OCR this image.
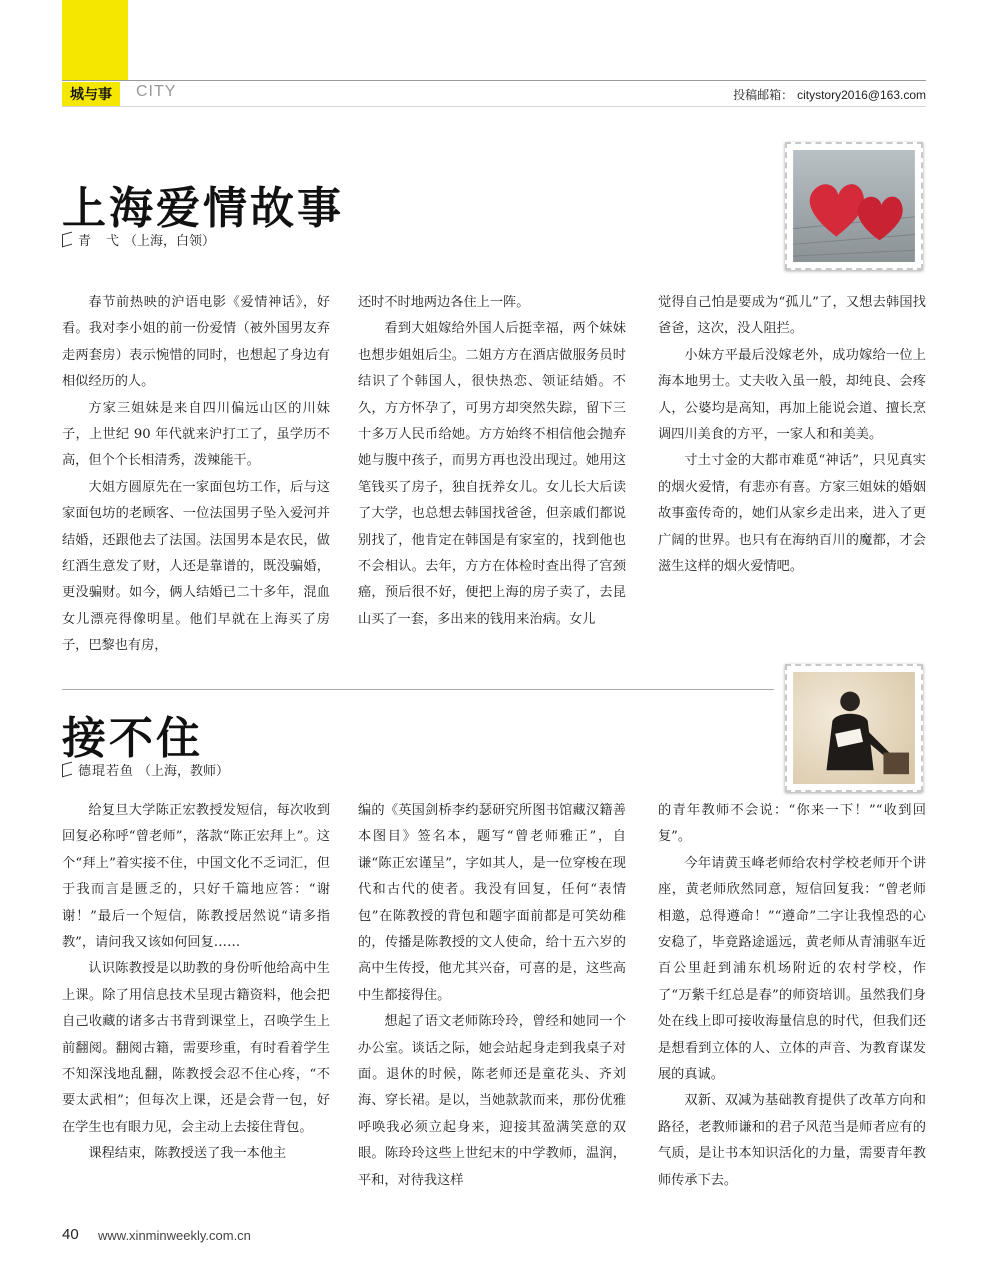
城与事	CITY	投稿邮箱： citystory2016@163.com
上海爱情故事
青　弋 （上海，白领）

春节前热映的沪语电影《爱情神话》，好看。我对李小姐的前一份爱情（被外国男友弃走两套房）表示惋惜的同时，也想起了身边有相似经历的人。

方家三姐妹是来自四川偏远山区的川妹子，上世纪 90 年代就来沪打工了，虽学历不高，但个个长相清秀，泼辣能干。

大姐方圆原先在一家面包坊工作，后与这家面包坊的老顾客、一位法国男子坠入爱河并结婚，还跟他去了法国。法国男本是农民，做红酒生意发了财，人还是靠谱的，既没骗婚，更没骗财。如今，俩人结婚已二十多年，混血女儿漂亮得像明星。他们早就在上海买了房子，巴黎也有房，

还时不时地两边各住上一阵。

看到大姐嫁给外国人后挺幸福，两个妹妹也想步姐姐后尘。二姐方方在酒店做服务员时结识了个韩国人，很快热恋、领证结婚。不久，方方怀孕了，可男方却突然失踪，留下三十多万人民币给她。方方始终不相信他会抛弃她与腹中孩子，而男方再也没出现过。她用这笔钱买了房子，独自抚养女儿。女儿长大后读了大学，也总想去韩国找爸爸，但亲戚们都说别找了，他肯定在韩国是有家室的，找到他也不会相认。去年，方方在体检时查出得了宫颈癌，预后很不好，便把上海的房子卖了，去昆山买了一套，多出来的钱用来治病。女儿

觉得自己怕是要成为“孤儿”了，又想去韩国找爸爸，这次，没人阻拦。

小妹方平最后没嫁老外，成功嫁给一位上海本地男士。丈夫收入虽一般，却纯良、会疼人，公婆均是高知，再加上能说会道、擅长烹调四川美食的方平，一家人和和美美。

寸土寸金的大都市难觅“神话”，只见真实的烟火爱情，有悲亦有喜。方家三姐妹的婚姻故事蛮传奇的，她们从家乡走出来，进入了更广阔的世界。也只有在海纳百川的魔都，才会滋生这样的烟火爱情吧。

接不住
德琨若鱼 （上海，教师）

给复旦大学陈正宏教授发短信，每次收到回复必称呼“曾老师”，落款“陈正宏拜上”。这个“拜上”着实接不住，中国文化不乏词汇，但于我而言是匮乏的，只好千篇地应答：“谢谢！”最后一个短信，陈教授居然说“请多指教”，请问我又该如何回复……

认识陈教授是以助教的身份听他给高中生上课。除了用信息技术呈现古籍资料，他会把自己收藏的诸多古书背到课堂上，召唤学生上前翻阅。翻阅古籍，需要珍重，有时看着学生不知深浅地乱翻，陈教授会忍不住心疼，“不要太武相”；但每次上课，还是会背一包，好在学生也有眼力见，会主动上去接住背包。

课程结束，陈教授送了我一本他主

编的《英国剑桥李约瑟研究所图书馆藏汉籍善本图目》签名本，题写“曾老师雅正”，自谦“陈正宏谨呈”，字如其人，是一位穿梭在现代和古代的使者。我没有回复，任何“表情包”在陈教授的背包和题字面前都是可笑幼稚的，传播是陈教授的文人使命，给十五六岁的高中生传授，他尤其兴奋，可喜的是，这些高中生都接得住。

想起了语文老师陈玲玲，曾经和她同一个办公室。谈话之际，她会站起身走到我桌子对面。退休的时候，陈老师还是童花头、齐刘海、穿长裙。是以，当她款款而来，那份优雅呼唤我必须立起身来，迎接其盈满笑意的双眼。陈玲玲这些上世纪末的中学教师，温润，平和，对待我这样

的青年教师不会说：“你来一下！”“收到回复”。

今年请黄玉峰老师给农村学校老师开个讲座，黄老师欣然同意，短信回复我：“曾老师相邀，总得遵命！”“遵命”二字让我惶恐的心安稳了，毕竟路途遥远，黄老师从青浦驱车近百公里赶到浦东机场附近的农村学校，作了“万紫千红总是春”的师资培训。虽然我们身处在线上即可接收海量信息的时代，但我们还是想看到立体的人、立体的声音、为教育谋发展的真诚。

双新、双减为基础教育提供了改革方向和路径，老教师谦和的君子风范当是师者应有的气质，是让书本知识活化的力量，需要青年教师传承下去。

40 www.xinminweekly.com.cn
